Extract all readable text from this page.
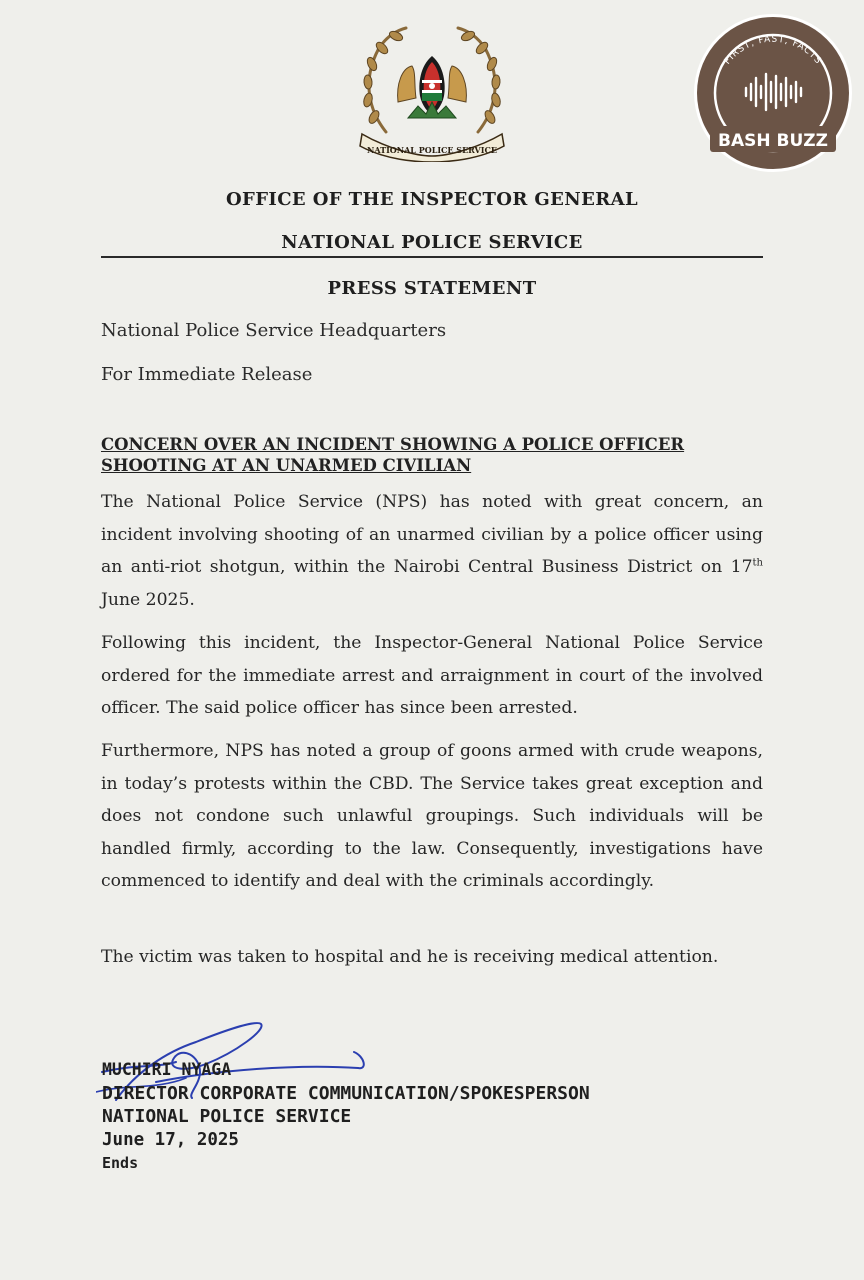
NATIONAL POLICE SERVICE
FIRST, FAST, FACTS
BASH BUZZ
OFFICE OF THE INSPECTOR GENERAL
NATIONAL POLICE SERVICE
PRESS STATEMENT
National Police Service Headquarters
For Immediate Release
CONCERN OVER AN INCIDENT SHOWING A POLICE OFFICER
SHOOTING AT AN UNARMED CIVILIAN
The National Police Service (NPS) has noted with great concern, an incident involving shooting of an unarmed civilian by a police officer using an anti-riot shotgun, within the Nairobi Central Business District on 17th June 2025.
Following this incident, the Inspector-General National Police Service ordered for the immediate arrest and arraignment in court of the involved officer. The said police officer has since been arrested.
Furthermore, NPS has noted a group of goons armed with crude weapons, in today’s protests within the CBD. The Service takes great exception and does not condone such unlawful groupings. Such individuals will be handled firmly, according to the law. Consequently, investigations have commenced to identify and deal with the criminals accordingly.
The victim was taken to hospital and he is receiving medical attention.
MUCHIRI NYAGA
DIRECTOR CORPORATE COMMUNICATION/SPOKESPERSON
NATIONAL POLICE SERVICE
June 17, 2025
Ends
